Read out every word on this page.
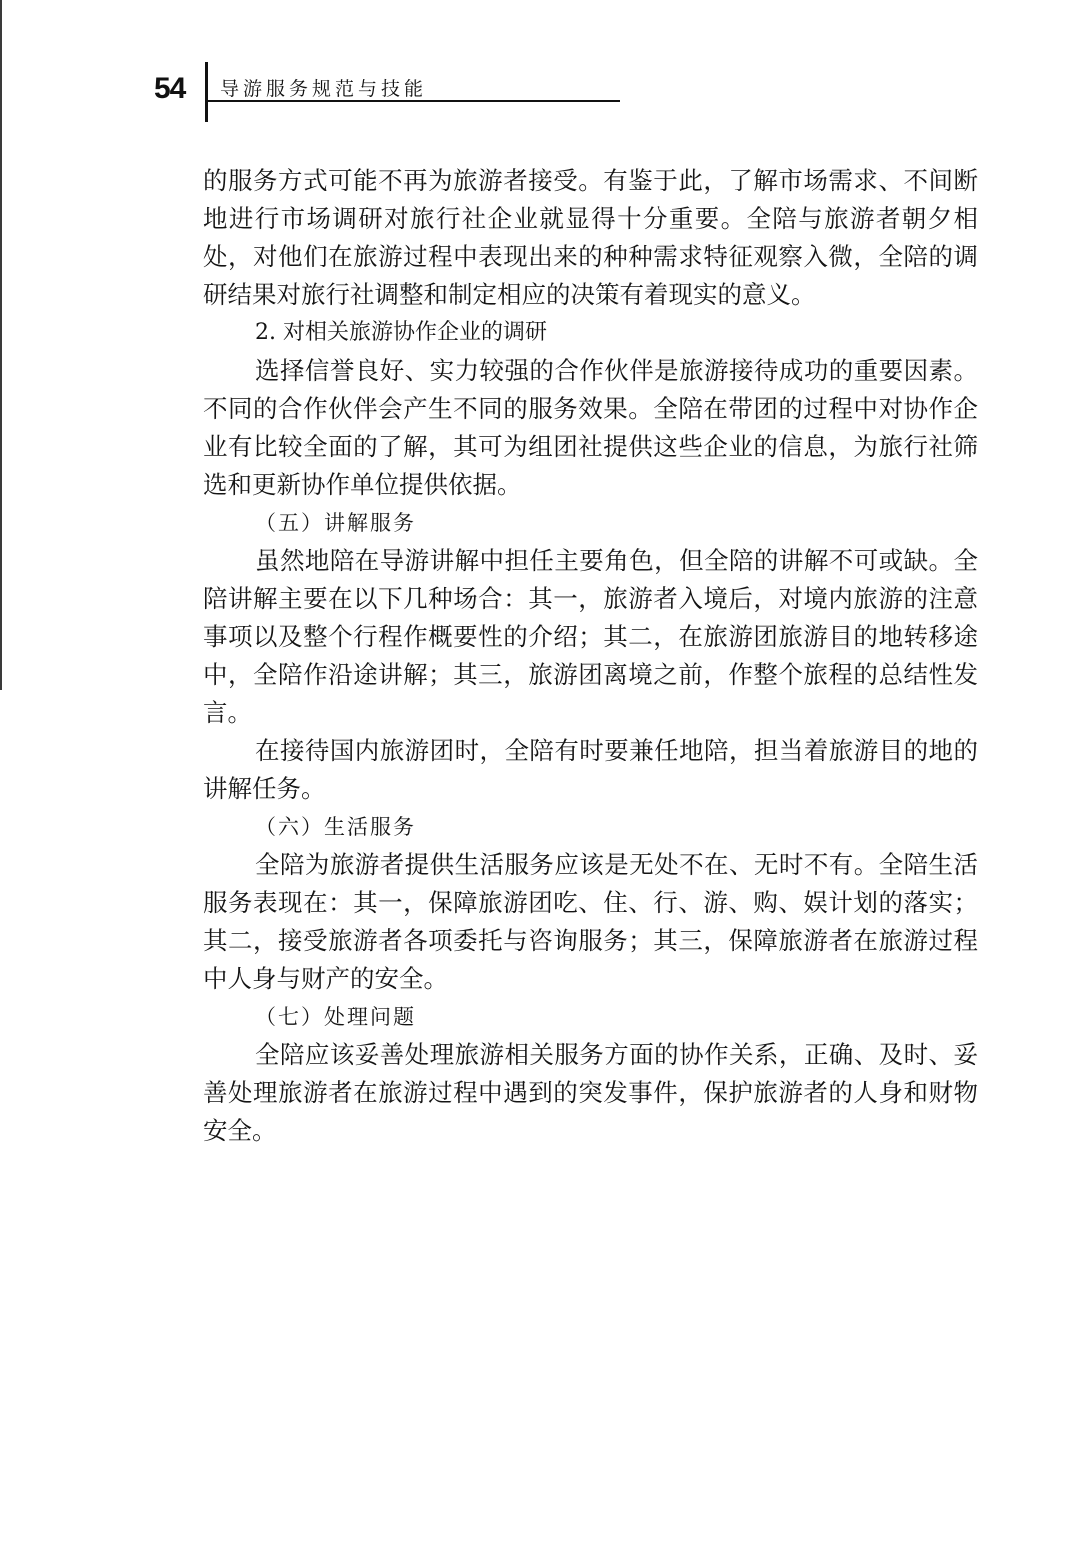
54 导游服务规范与技能

的服务方式可能不再为旅游者接受。有鉴于此，了解市场需求、不间断地进行市场调研对旅行社企业就显得十分重要。全陪与旅游者朝夕相处，对他们在旅游过程中表现出来的种种需求特征观察入微，全陪的调研结果对旅行社调整和制定相应的决策有着现实的意义。

2. 对相关旅游协作企业的调研

选择信誉良好、实力较强的合作伙伴是旅游接待成功的重要因素。不同的合作伙伴会产生不同的服务效果。全陪在带团的过程中对协作企业有比较全面的了解，其可为组团社提供这些企业的信息，为旅行社筛选和更新协作单位提供依据。

（五）讲解服务

虽然地陪在导游讲解中担任主要角色，但全陪的讲解不可或缺。全陪讲解主要在以下几种场合：其一，旅游者入境后，对境内旅游的注意事项以及整个行程作概要性的介绍；其二，在旅游团旅游目的地转移途中，全陪作沿途讲解；其三，旅游团离境之前，作整个旅程的总结性发言。

在接待国内旅游团时，全陪有时要兼任地陪，担当着旅游目的地的讲解任务。

（六）生活服务

全陪为旅游者提供生活服务应该是无处不在、无时不有。全陪生活服务表现在：其一，保障旅游团吃、住、行、游、购、娱计划的落实；其二，接受旅游者各项委托与咨询服务；其三，保障旅游者在旅游过程中人身与财产的安全。

（七）处理问题

全陪应该妥善处理旅游相关服务方面的协作关系，正确、及时、妥善处理旅游者在旅游过程中遇到的突发事件，保护旅游者的人身和财物安全。
